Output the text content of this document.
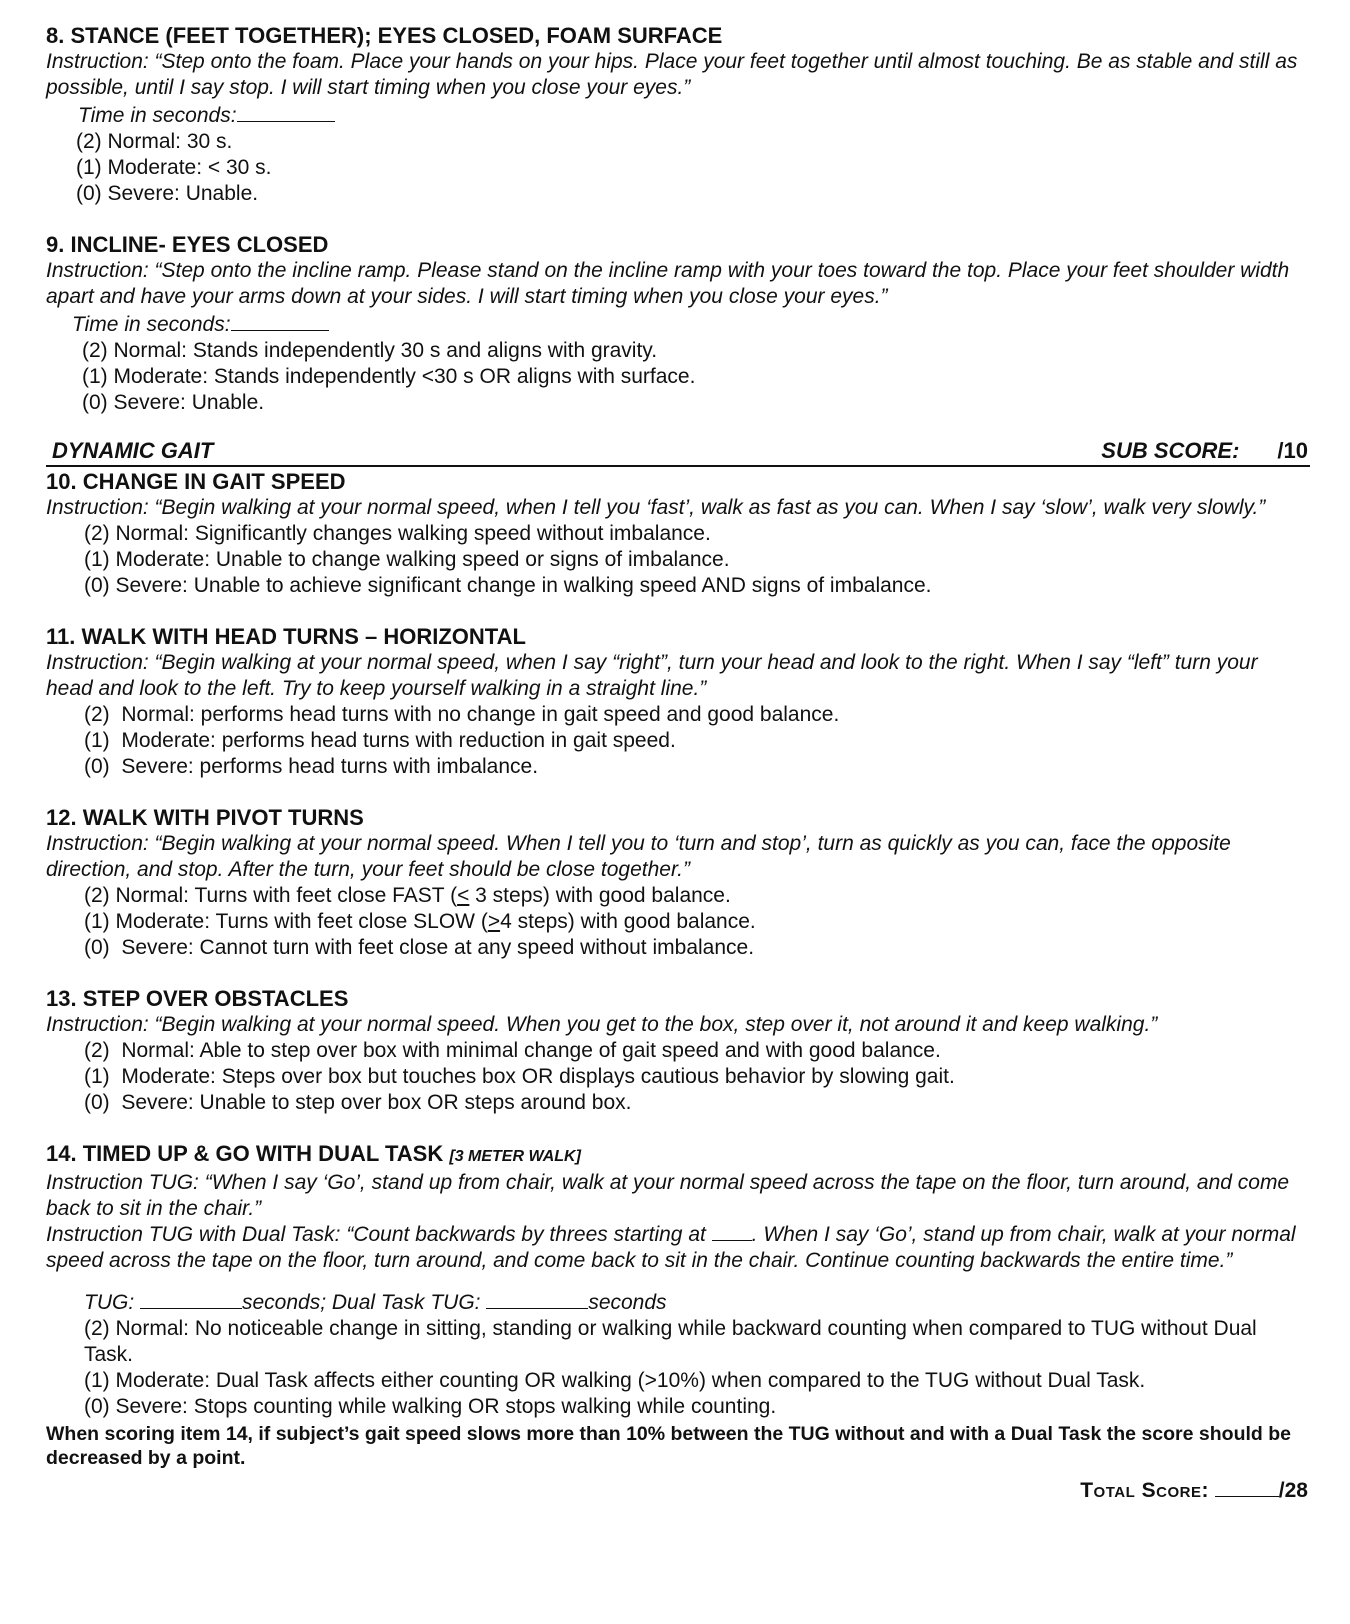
8. STANCE (FEET TOGETHER); EYES CLOSED, FOAM SURFACE
Instruction: “Step onto the foam. Place your hands on your hips. Place your feet together until almost touching. Be as stable and still as possible, until I say stop. I will start timing when you close your eyes.”
Time in seconds:
(2) Normal: 30 s.
(1) Moderate: < 30 s.
(0) Severe: Unable.
9. INCLINE- EYES CLOSED
Instruction: “Step onto the incline ramp. Please stand on the incline ramp with your toes toward the top. Place your feet shoulder width apart and have your arms down at your sides. I will start timing when you close your eyes.”
Time in seconds:
(2) Normal: Stands independently 30 s and aligns with gravity.
(1) Moderate: Stands independently <30 s OR aligns with surface.
(0) Severe: Unable.
DYNAMIC GAIT	SUB SCORE: /10
10. CHANGE IN GAIT SPEED
Instruction: “Begin walking at your normal speed, when I tell you ‘fast’, walk as fast as you can. When I say ‘slow’, walk very slowly.”
(2) Normal: Significantly changes walking speed without imbalance.
(1) Moderate: Unable to change walking speed or signs of imbalance.
(0) Severe: Unable to achieve significant change in walking speed AND signs of imbalance.
11. WALK WITH HEAD TURNS – HORIZONTAL
Instruction: “Begin walking at your normal speed, when I say “right”, turn your head and look to the right. When I say “left” turn your head and look to the left. Try to keep yourself walking in a straight line.”
(2)  Normal: performs head turns with no change in gait speed and good balance.
(1)  Moderate: performs head turns with reduction in gait speed.
(0)  Severe: performs head turns with imbalance.
12. WALK WITH PIVOT TURNS
Instruction: “Begin walking at your normal speed. When I tell you to ‘turn and stop’, turn as quickly as you can, face the opposite direction, and stop. After the turn, your feet should be close together.”
(2) Normal: Turns with feet close FAST (≤ 3 steps) with good balance.
(1) Moderate: Turns with feet close SLOW (≥4 steps) with good balance.
(0)  Severe: Cannot turn with feet close at any speed without imbalance.
13. STEP OVER OBSTACLES
Instruction: “Begin walking at your normal speed. When you get to the box, step over it, not around it and keep walking.”
(2)  Normal: Able to step over box with minimal change of gait speed and with good balance.
(1)  Moderate: Steps over box but touches box OR displays cautious behavior by slowing gait.
(0)  Severe: Unable to step over box OR steps around box.
14. TIMED UP & GO WITH DUAL TASK [3 METER WALK]
Instruction TUG: “When I say ‘Go’, stand up from chair, walk at your normal speed across the tape on the floor, turn around, and come back to sit in the chair.”
Instruction TUG with Dual Task: “Count backwards by threes starting at . When I say ‘Go’, stand up from chair, walk at your normal speed across the tape on the floor, turn around, and come back to sit in the chair. Continue counting backwards the entire time.”
TUG:	seconds; Dual Task TUG:	seconds
(2) Normal: No noticeable change in sitting, standing or walking while backward counting when compared to TUG without Dual Task.
(1) Moderate: Dual Task affects either counting OR walking (>10%) when compared to the TUG without Dual Task.
(0) Severe: Stops counting while walking OR stops walking while counting.
When scoring item 14, if subject’s gait speed slows more than 10% between the TUG without and with a Dual Task the score should be decreased by a point.
Total Score:	/28
